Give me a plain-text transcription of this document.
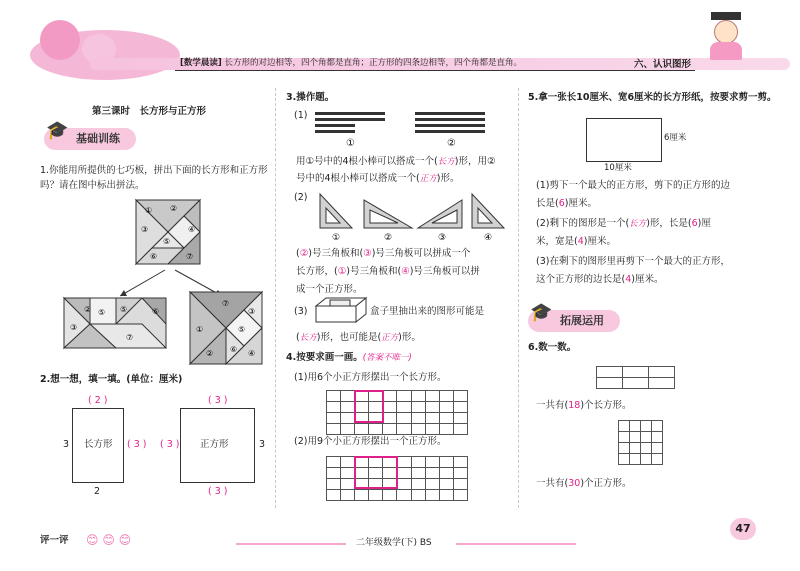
[数学晨读] 长方形的对边相等，四个角都是直角；正方形的四条边相等，四个角都是直角。	六、认识图形
第三课时　长方形与正方形
🎓 基础训练
1.你能用所提供的七巧板，拼出下面的长方形和正方形吗？请在图中标出拼法。
① ②
③	④
⑤
⑥	⑦
② ⑤ ⑤	⑥
③
⑦
⑦
①
③
⑤
⑥
②	④
2.想一想，填一填。(单位：厘米)
( 2 )
长方形
3	( 3 )
2
( 3 )
正方形
( 3 )	3
( 3 )
3.操作题。
(1)
①	②
用①号中的4根小棒可以搭成一个(长方)形，用②
号中的4根小棒可以搭成一个(正方)形。
(2)
①	②	③	④
(②)号三角板和(③)号三角板可以拼成一个
长方形，(①)号三角板和(④)号三角板可以拼
成一个正方形。
(3)	盒子里抽出来的图形可能是
(长方)形，也可能是(正方)形。
4.按要求画一画。(答案不唯一)
(1)用6个小正方形摆出一个长方形。
(2)用9个小正方形摆出一个正方形。
5.拿一张长10厘米、宽6厘米的长方形纸，按要求剪一剪。
6厘米
10厘米
(1)剪下一个最大的正方形，剪下的正方形的边
长是(6)厘米。
(2)剩下的图形是一个(长方)形，长是(6)厘
米，宽是(4)厘米。
(3)在剩下的图形里再剪下一个最大的正方形，
这个正方形的边长是(4)厘米。
🎓 拓展运用
6.数一数。
一共有(18)个长方形。
一共有(30)个正方形。
评一评 😊 😊 😊	二年级数学(下) BS
47
